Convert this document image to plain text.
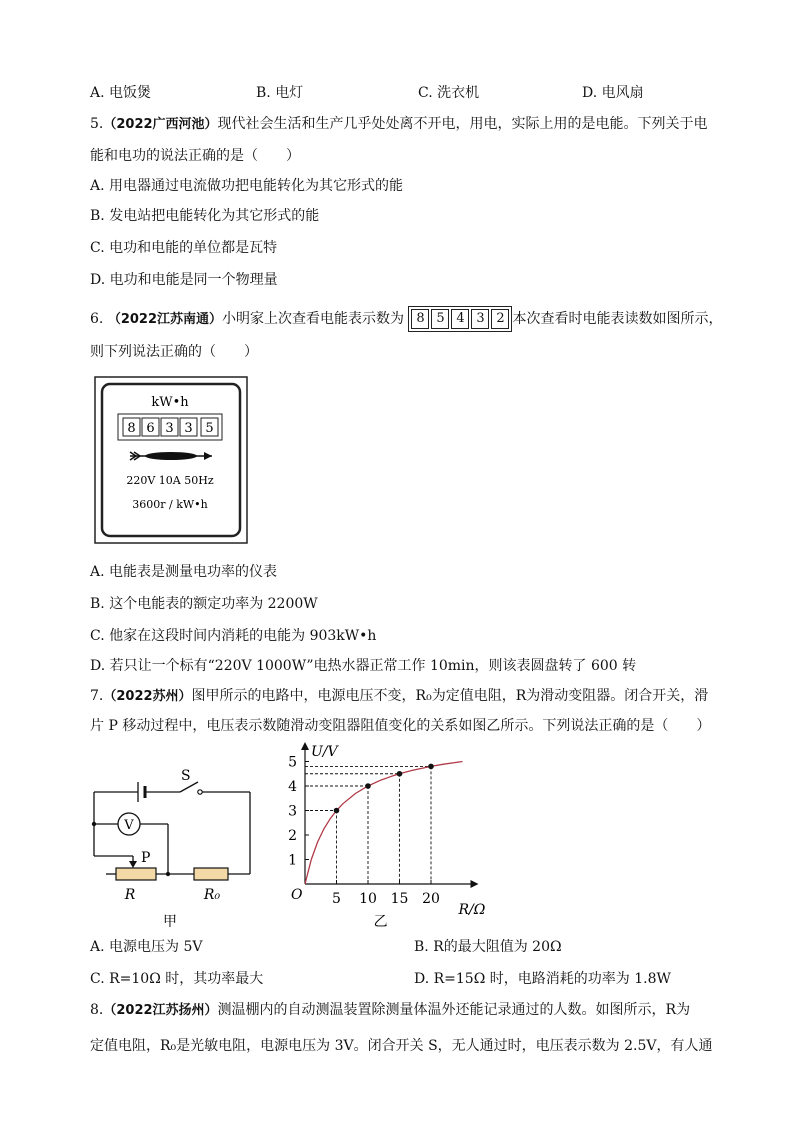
A. 电饭煲	B. 电灯	C. 洗衣机	D. 电风扇
5.（2022广西河池）现代社会生活和生产几乎处处离不开电，用电，实际上用的是电能。下列关于电
能和电功的说法正确的是（　　）
A. 用电器通过电流做功把电能转化为其它形式的能
B. 发电站把电能转化为其它形式的能
C. 电功和电能的单位都是瓦特
D. 电功和电能是同一个物理量
6. （2022江苏南通）小明家上次查看电能表示数为 8 5 4 3 2 本次查看时电能表读数如图所示，
则下列说法正确的（　　）
kW•h
8 6 3 3 5
220V 10A 50Hz
3600r / kW•h
A. 电能表是测量电功率的仪表
B. 这个电能表的额定功率为 2200W
C. 他家在这段时间内消耗的电能为 903kW•h
D. 若只让一个标有“220V 1000W”电热水器正常工作 10min，则该表圆盘转了 600 转
7.（2022苏州）图甲所示的电路中，电源电压不变，R₀为定值电阻，R为滑动变阻器。闭合开关，滑
片 P 移动过程中，电压表示数随滑动变阻器阻值变化的关系如图乙所示。下列说法正确的是（　　）
V
S
P
R	R₀
甲
U/V
R/Ω
O
1
2
3
4
5
5 10 15 20
乙
A. 电源电压为 5V	B. R的最大阻值为 20Ω
C. R=10Ω 时，其功率最大	D. R=15Ω 时，电路消耗的功率为 1.8W
8.（2022江苏扬州）测温棚内的自动测温装置除测量体温外还能记录通过的人数。如图所示，R为
定值电阻，R₀是光敏电阻，电源电压为 3V。闭合开关 S，无人通过时，电压表示数为 2.5V，有人通
